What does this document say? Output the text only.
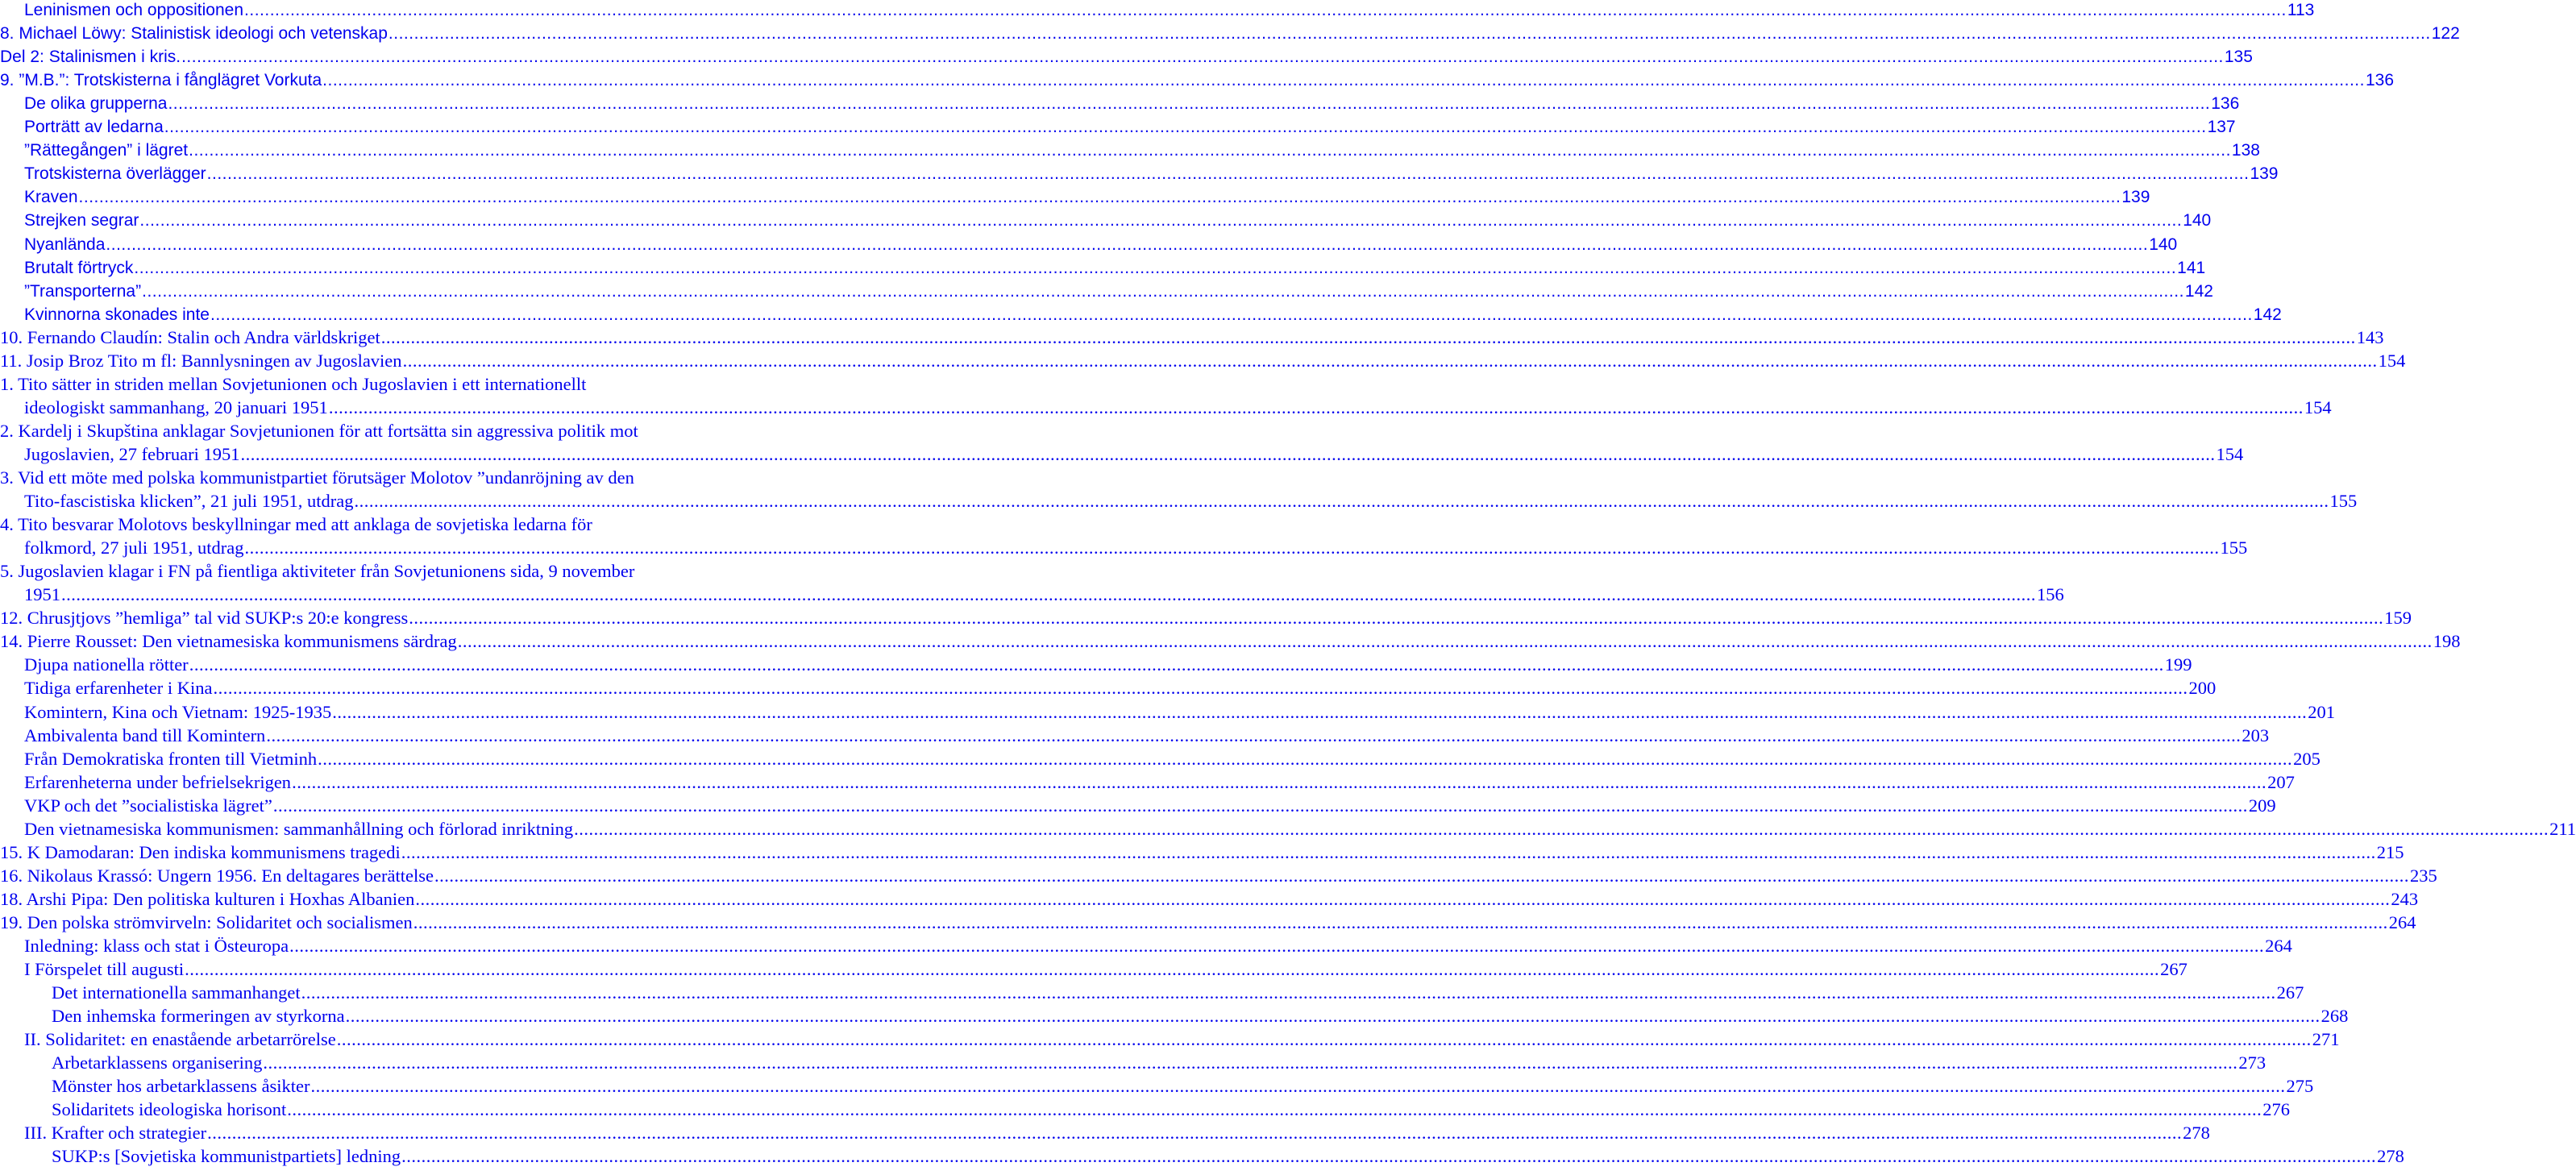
Leninismen och oppositionen ................................................................................................................................................................................................................................................................................................................................................................................................................ 113
8. Michael Löwy: Stalinistisk ideologi och vetenskap ................................................................................................................................................................................................................................................................................................................................................................................................................ 122
Del 2: Stalinismen i kris. ................................................................................................................................................................................................................................................................................................................................................................................................................ 135
9. ”M.B.”: Trotskisterna i fånglägret Vorkuta ................................................................................................................................................................................................................................................................................................................................................................................................................ 136
De olika grupperna ................................................................................................................................................................................................................................................................................................................................................................................................................ 136
Porträtt av ledarna ................................................................................................................................................................................................................................................................................................................................................................................................................ 137
”Rättegången” i lägret ................................................................................................................................................................................................................................................................................................................................................................................................................ 138
Trotskisterna överlägger ................................................................................................................................................................................................................................................................................................................................................................................................................ 139
Kraven ................................................................................................................................................................................................................................................................................................................................................................................................................ 139
Strejken segrar ................................................................................................................................................................................................................................................................................................................................................................................................................ 140
Nyanlända ................................................................................................................................................................................................................................................................................................................................................................................................................ 140
Brutalt förtryck ................................................................................................................................................................................................................................................................................................................................................................................................................ 141
”Transporterna” ................................................................................................................................................................................................................................................................................................................................................................................................................ 142
Kvinnorna skonades inte ................................................................................................................................................................................................................................................................................................................................................................................................................ 142
10. Fernando Claudín: Stalin och Andra världskriget ................................................................................................................................................................................................................................................................................................................................................................................................................ 143
11. Josip Broz Tito m fl: Bannlysningen av Jugoslavien ................................................................................................................................................................................................................................................................................................................................................................................................................ 154
1. Tito sätter in striden mellan Sovjetunionen och Jugoslavien i ett internationellt
ideologiskt sammanhang, 20 januari 1951 ................................................................................................................................................................................................................................................................................................................................................................................................................ 154
2. Kardelj i Skupština anklagar Sovjetunionen för att fortsätta sin aggressiva politik mot
Jugoslavien, 27 februari 1951 ................................................................................................................................................................................................................................................................................................................................................................................................................ 154
3. Vid ett möte med polska kommunistpartiet förutsäger Molotov ”undanröjning av den
Tito-fascistiska klicken”, 21 juli 1951, utdrag ................................................................................................................................................................................................................................................................................................................................................................................................................ 155
4. Tito besvarar Molotovs beskyllningar med att anklaga de sovjetiska ledarna för
folkmord, 27 juli 1951, utdrag ................................................................................................................................................................................................................................................................................................................................................................................................................ 155
5. Jugoslavien klagar i FN på fientliga aktiviteter från Sovjetunionens sida, 9 november
1951 ................................................................................................................................................................................................................................................................................................................................................................................................................ 156
12. Chrusjtjovs ”hemliga” tal vid SUKP:s 20:e kongress ................................................................................................................................................................................................................................................................................................................................................................................................................ 159
14. Pierre Rousset: Den vietnamesiska kommunismens särdrag ................................................................................................................................................................................................................................................................................................................................................................................................................ 198
Djupa nationella rötter ................................................................................................................................................................................................................................................................................................................................................................................................................ 199
Tidiga erfarenheter i Kina ................................................................................................................................................................................................................................................................................................................................................................................................................ 200
Komintern, Kina och Vietnam: 1925-1935 ................................................................................................................................................................................................................................................................................................................................................................................................................ 201
Ambivalenta band till Komintern ................................................................................................................................................................................................................................................................................................................................................................................................................ 203
Från Demokratiska fronten till Vietminh ................................................................................................................................................................................................................................................................................................................................................................................................................ 205
Erfarenheterna under befrielsekrigen ................................................................................................................................................................................................................................................................................................................................................................................................................ 207
VKP och det ”socialistiska lägret” ................................................................................................................................................................................................................................................................................................................................................................................................................ 209
Den vietnamesiska kommunismen: sammanhållning och förlorad inriktning ................................................................................................................................................................................................................................................................................................................................................................................................................ 211
15. K Damodaran: Den indiska kommunismens tragedi ................................................................................................................................................................................................................................................................................................................................................................................................................ 215
16. Nikolaus Krassó: Ungern 1956. En deltagares berättelse ................................................................................................................................................................................................................................................................................................................................................................................................................ 235
18. Arshi Pipa: Den politiska kulturen i Hoxhas Albanien ................................................................................................................................................................................................................................................................................................................................................................................................................ 243
19. Den polska strömvirveln: Solidaritet och socialismen ................................................................................................................................................................................................................................................................................................................................................................................................................ 264
Inledning: klass och stat i Östeuropa ................................................................................................................................................................................................................................................................................................................................................................................................................ 264
I Förspelet till augusti ................................................................................................................................................................................................................................................................................................................................................................................................................ 267
Det internationella sammanhanget ................................................................................................................................................................................................................................................................................................................................................................................................................ 267
Den inhemska formeringen av styrkorna ................................................................................................................................................................................................................................................................................................................................................................................................................ 268
II. Solidaritet: en enastående arbetarrörelse ................................................................................................................................................................................................................................................................................................................................................................................................................ 271
Arbetarklassens organisering ................................................................................................................................................................................................................................................................................................................................................................................................................ 273
Mönster hos arbetarklassens åsikter ................................................................................................................................................................................................................................................................................................................................................................................................................ 275
Solidaritets ideologiska horisont ................................................................................................................................................................................................................................................................................................................................................................................................................ 276
III. Krafter och strategier ................................................................................................................................................................................................................................................................................................................................................................................................................ 278
SUKP:s [Sovjetiska kommunistpartiets] ledning ................................................................................................................................................................................................................................................................................................................................................................................................................ 278
